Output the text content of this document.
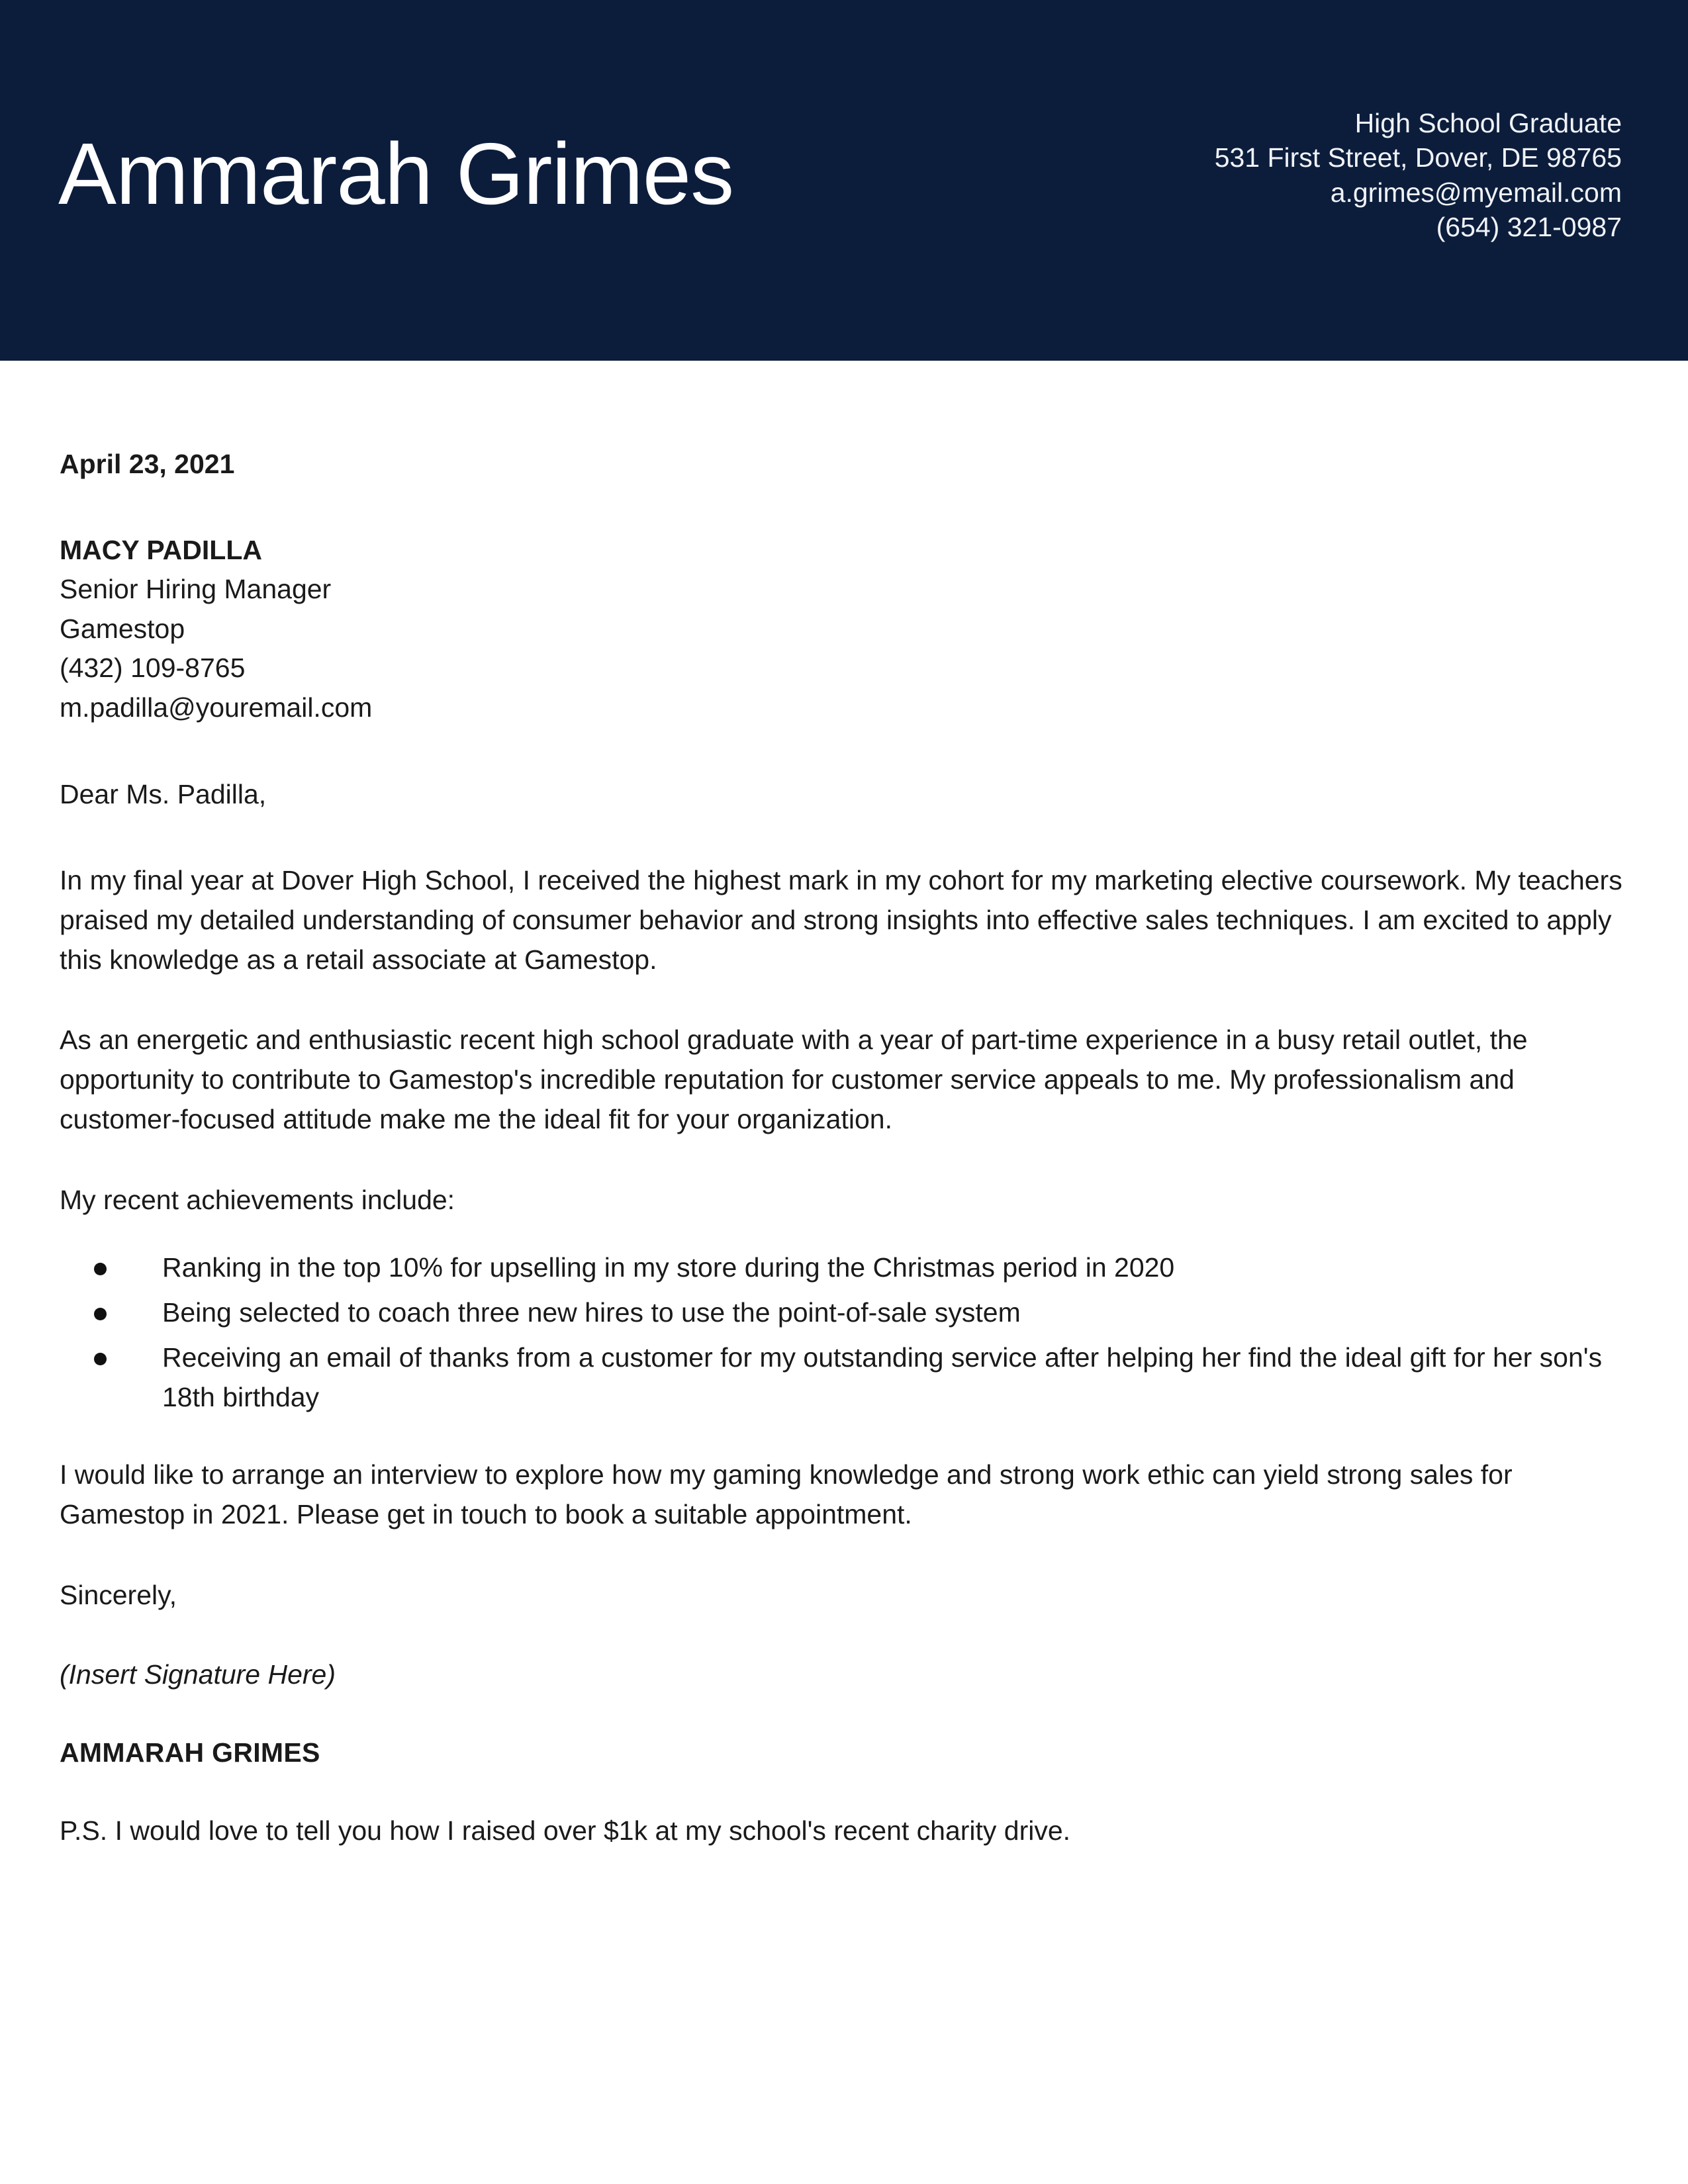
Ammarah Grimes
High School Graduate
531 First Street, Dover, DE 98765
a.grimes@myemail.com
(654) 321-0987
April 23, 2021
MACY PADILLA
Senior Hiring Manager
Gamestop
(432) 109-8765
m.padilla@youremail.com
Dear Ms. Padilla,

In my final year at Dover High School, I received the highest mark in my cohort for my marketing elective coursework. My teachers praised my detailed understanding of consumer behavior and strong insights into effective sales techniques. I am excited to apply this knowledge as a retail associate at Gamestop.

As an energetic and enthusiastic recent high school graduate with a year of part-time experience in a busy retail outlet, the opportunity to contribute to Gamestop's incredible reputation for customer service appeals to me. My professionalism and customer-focused attitude make me the ideal fit for your organization.

My recent achievements include:

Ranking in the top 10% for upselling in my store during the Christmas period in 2020
Being selected to coach three new hires to use the point-of-sale system
Receiving an email of thanks from a customer for my outstanding service after helping her find the ideal gift for her son's 18th birthday

I would like to arrange an interview to explore how my gaming knowledge and strong work ethic can yield strong sales for Gamestop in 2021. Please get in touch to book a suitable appointment.

Sincerely,
(Insert Signature Here)
AMMARAH GRIMES
P.S. I would love to tell you how I raised over $1k at my school's recent charity drive.
